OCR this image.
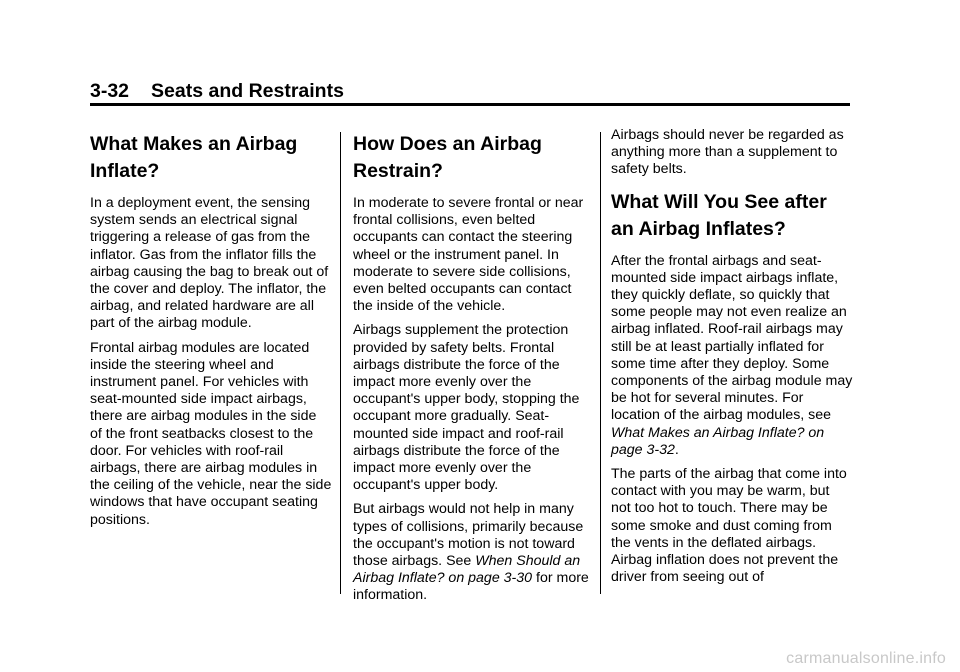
3-32 Seats and Restraints
What Makes an Airbag Inflate?

In a deployment event, the sensing system sends an electrical signal triggering a release of gas from the inflator. Gas from the inflator fills the airbag causing the bag to break out of the cover and deploy. The inflator, the airbag, and related hardware are all part of the airbag module.

Frontal airbag modules are located inside the steering wheel and instrument panel. For vehicles with seat-mounted side impact airbags, there are airbag modules in the side of the front seatbacks closest to the door. For vehicles with roof-rail airbags, there are airbag modules in the ceiling of the vehicle, near the side windows that have occupant seating positions.

How Does an Airbag Restrain?

In moderate to severe frontal or near frontal collisions, even belted occupants can contact the steering wheel or the instrument panel. In moderate to severe side collisions, even belted occupants can contact the inside of the vehicle.

Airbags supplement the protection provided by safety belts. Frontal airbags distribute the force of the impact more evenly over the occupant's upper body, stopping the occupant more gradually. Seat-mounted side impact and roof-rail airbags distribute the force of the impact more evenly over the occupant's upper body.

But airbags would not help in many types of collisions, primarily because the occupant's motion is not toward those airbags. See When Should an Airbag Inflate? on page 3-30 for more information.

Airbags should never be regarded as anything more than a supplement to safety belts.

What Will You See after an Airbag Inflates?

After the frontal airbags and seat-mounted side impact airbags inflate, they quickly deflate, so quickly that some people may not even realize an airbag inflated. Roof-rail airbags may still be at least partially inflated for some time after they deploy. Some components of the airbag module may be hot for several minutes. For location of the airbag modules, see What Makes an Airbag Inflate? on page 3-32.

The parts of the airbag that come into contact with you may be warm, but not too hot to touch. There may be some smoke and dust coming from the vents in the deflated airbags. Airbag inflation does not prevent the driver from seeing out of

carmanualsonline.info
